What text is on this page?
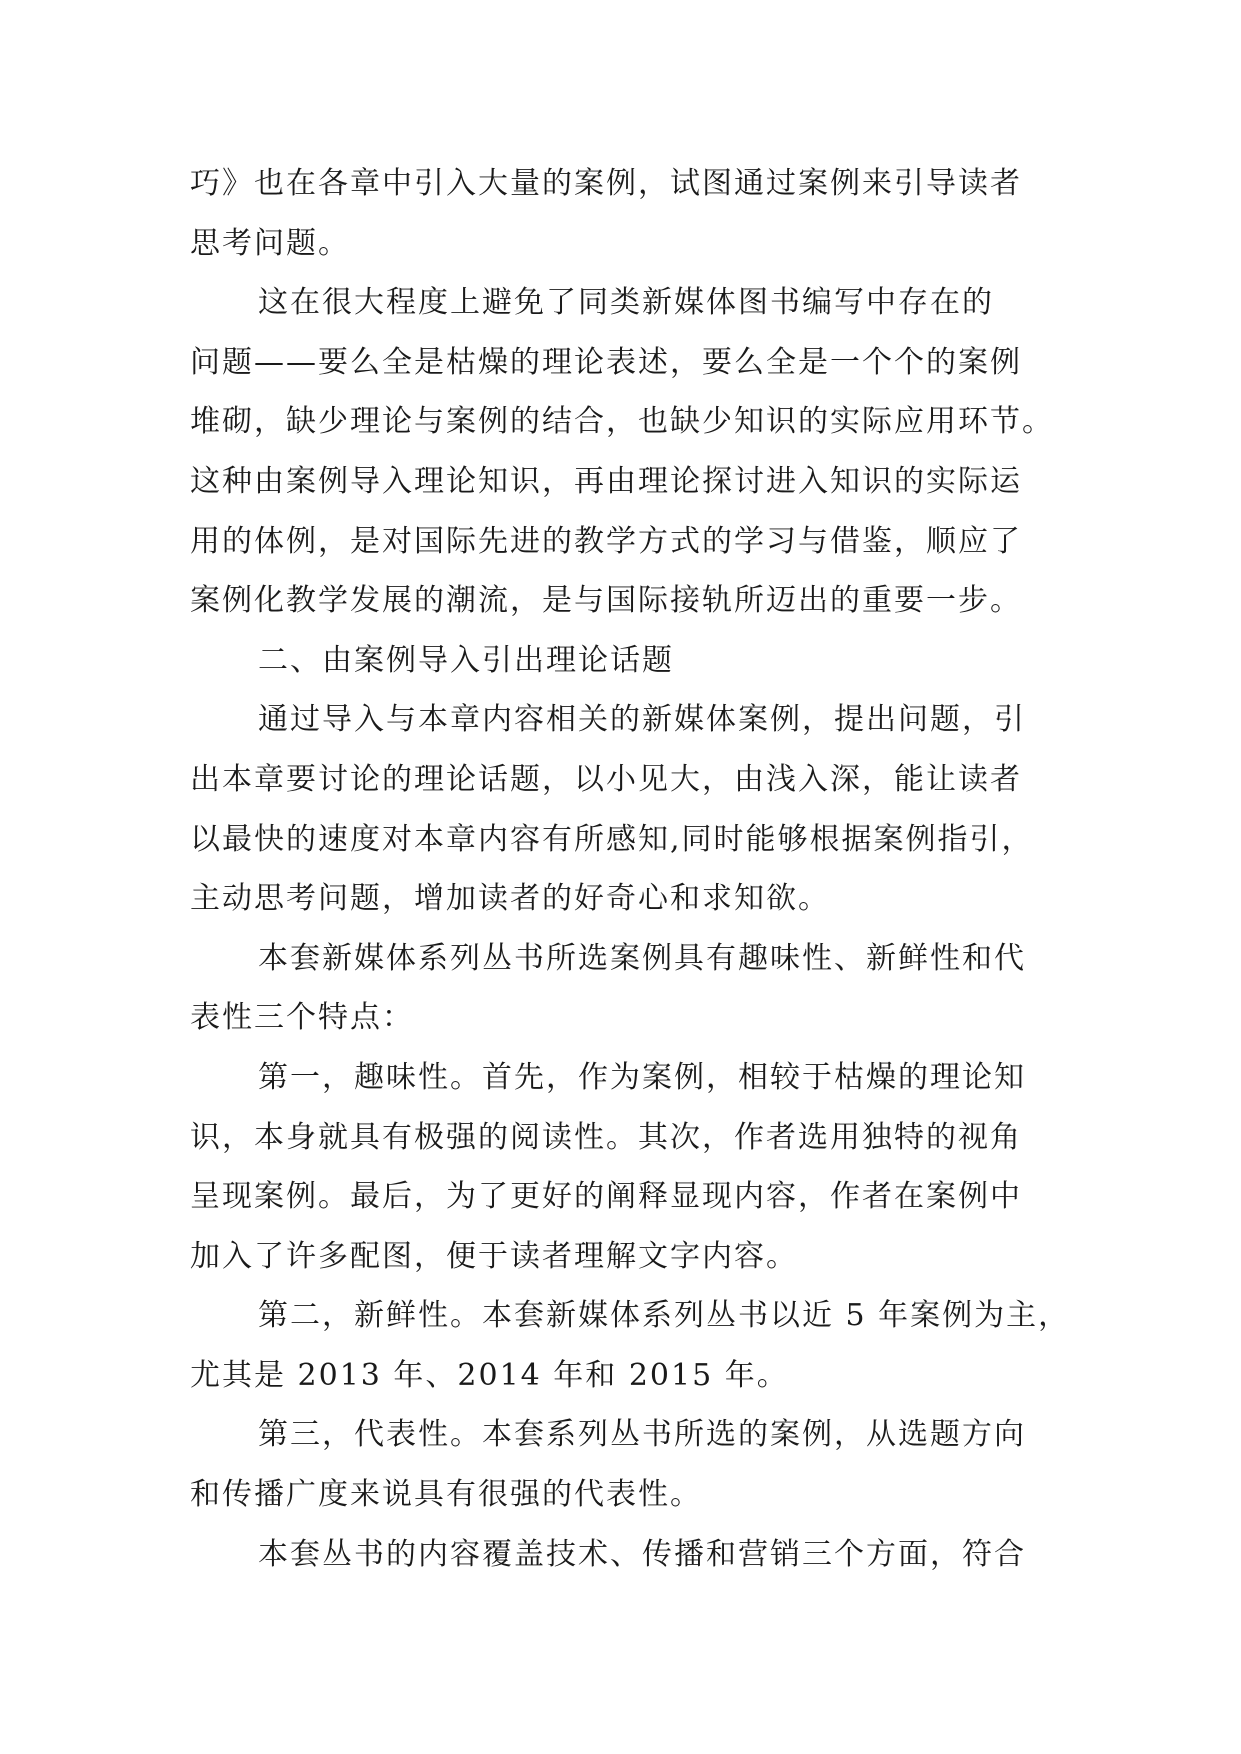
巧》也在各章中引入大量的案例，试图通过案例来引导读者
思考问题。
这在很大程度上避免了同类新媒体图书编写中存在的
问题——要么全是枯燥的理论表述，要么全是一个个的案例
堆砌，缺少理论与案例的结合，也缺少知识的实际应用环节。
这种由案例导入理论知识，再由理论探讨进入知识的实际运
用的体例，是对国际先进的教学方式的学习与借鉴，顺应了
案例化教学发展的潮流，是与国际接轨所迈出的重要一步。
二、由案例导入引出理论话题
通过导入与本章内容相关的新媒体案例，提出问题，引
出本章要讨论的理论话题，以小见大，由浅入深，能让读者
以最快的速度对本章内容有所感知,同时能够根据案例指引，
主动思考问题，增加读者的好奇心和求知欲。
本套新媒体系列丛书所选案例具有趣味性、新鲜性和代
表性三个特点：
第一，趣味性。首先，作为案例，相较于枯燥的理论知
识，本身就具有极强的阅读性。其次，作者选用独特的视角
呈现案例。最后，为了更好的阐释显现内容，作者在案例中
加入了许多配图，便于读者理解文字内容。
第二，新鲜性。本套新媒体系列丛书以近 5 年案例为主，
尤其是 2013 年、2014 年和 2015 年。
第三，代表性。本套系列丛书所选的案例，从选题方向
和传播广度来说具有很强的代表性。
本套丛书的内容覆盖技术、传播和营销三个方面，符合
